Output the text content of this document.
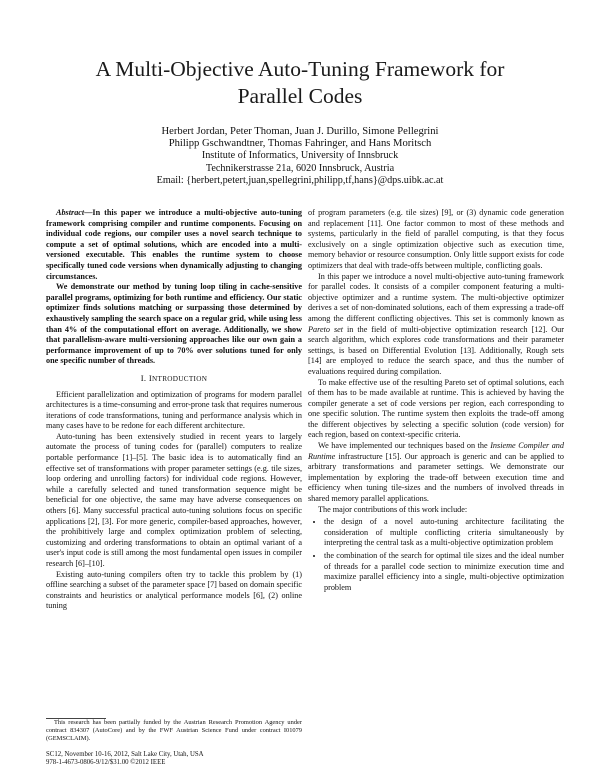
A Multi-Objective Auto-Tuning Framework for
Parallel Codes
Herbert Jordan, Peter Thoman, Juan J. Durillo, Simone Pellegrini
Philipp Gschwandtner, Thomas Fahringer, and Hans Moritsch
Institute of Informatics, University of Innsbruck
Technikerstrasse 21a, 6020 Innsbruck, Austria
Email: {herbert,petert,juan,spellegrini,philipp,tf,hans}@dps.uibk.ac.at

Abstract—In this paper we introduce a multi-objective auto-tuning framework comprising compiler and runtime components. Focusing on individual code regions, our compiler uses a novel search technique to compute a set of optimal solutions, which are encoded into a multi-versioned executable. This enables the runtime system to choose specifically tuned code versions when dynamically adjusting to changing circumstances.

We demonstrate our method by tuning loop tiling in cache-sensitive parallel programs, optimizing for both runtime and efficiency. Our static optimizer finds solutions matching or surpassing those determined by exhaustively sampling the search space on a regular grid, while using less than 4% of the computational effort on average. Additionally, we show that parallelism-aware multi-versioning approaches like our own gain a performance improvement of up to 70% over solutions tuned for only one specific number of threads.

I. INTRODUCTION

Efficient parallelization and optimization of programs for modern parallel architectures is a time-consuming and error-prone task that requires numerous iterations of code transformations, tuning and performance analysis which in many cases have to be redone for each different architecture.

Auto-tuning has been extensively studied in recent years to largely automate the process of tuning codes for (parallel) computers to realize portable performance [1]–[5]. The basic idea is to automatically find an effective set of transformations with proper parameter settings (e.g. tile sizes, loop ordering and unrolling factors) for individual code regions. However, while a carefully selected and tuned transformation sequence might be beneficial for one objective, the same may have adverse consequences on others [6]. Many successful practical auto-tuning solutions focus on specific applications [2], [3]. For more generic, compiler-based approaches, however, the prohibitively large and complex optimization problem of selecting, customizing and ordering transformations to obtain an optimal variant of a user's input code is still among the most fundamental open issues in compiler research [6]–[10].

Existing auto-tuning compilers often try to tackle this problem by (1) offline searching a subset of the parameter space [7] based on domain specific constraints and heuristics or analytical performance models [6], (2) online tuning

of program parameters (e.g. tile sizes) [9], or (3) dynamic code generation and replacement [11]. One factor common to most of these methods and systems, particularly in the field of parallel computing, is that they focus exclusively on a single optimization objective such as execution time, memory behavior or resource consumption. Only little support exists for code optimizers that deal with trade-offs between multiple, conflicting goals.

In this paper we introduce a novel multi-objective auto-tuning framework for parallel codes. It consists of a compiler component featuring a multi-objective optimizer and a runtime system. The multi-objective optimizer derives a set of non-dominated solutions, each of them expressing a trade-off among the different conflicting objectives. This set is commonly known as Pareto set in the field of multi-objective optimization research [12]. Our search algorithm, which explores code transformations and their parameter settings, is based on Differential Evolution [13]. Additionally, Rough sets [14] are employed to reduce the search space, and thus the number of evaluations required during compilation.

To make effective use of the resulting Pareto set of optimal solutions, each of them has to be made available at runtime. This is achieved by having the compiler generate a set of code versions per region, each corresponding to one specific solution. The runtime system then exploits the trade-off among the different objectives by selecting a specific solution (code version) for each region, based on context-specific criteria.

We have implemented our techniques based on the Insieme Compiler and Runtime infrastructure [15]. Our approach is generic and can be applied to arbitrary transformations and parameter settings. We demonstrate our implementation by exploring the trade-off between execution time and efficiency when tuning tile-sizes and the numbers of involved threads in shared memory parallel applications.

The major contributions of this work include:

• the design of a novel auto-tuning architecture facilitating the consideration of multiple conflicting criteria simultaneously by interpreting the central task as a multi-objective optimization problem
• the combination of the search for optimal tile sizes and the ideal number of threads for a parallel code section to minimize execution time and maximize parallel efficiency into a single, multi-objective optimization problem

This research has been partially funded by the Austrian Research Promotion Agency under contract 834307 (AutoCore) and by the FWF Austrian Science Fund under contract I01079 (GEMSCLAIM).

SC12, November 10-16, 2012, Salt Lake City, Utah, USA
978-1-4673-0806-9/12/$31.00 ©2012 IEEE
